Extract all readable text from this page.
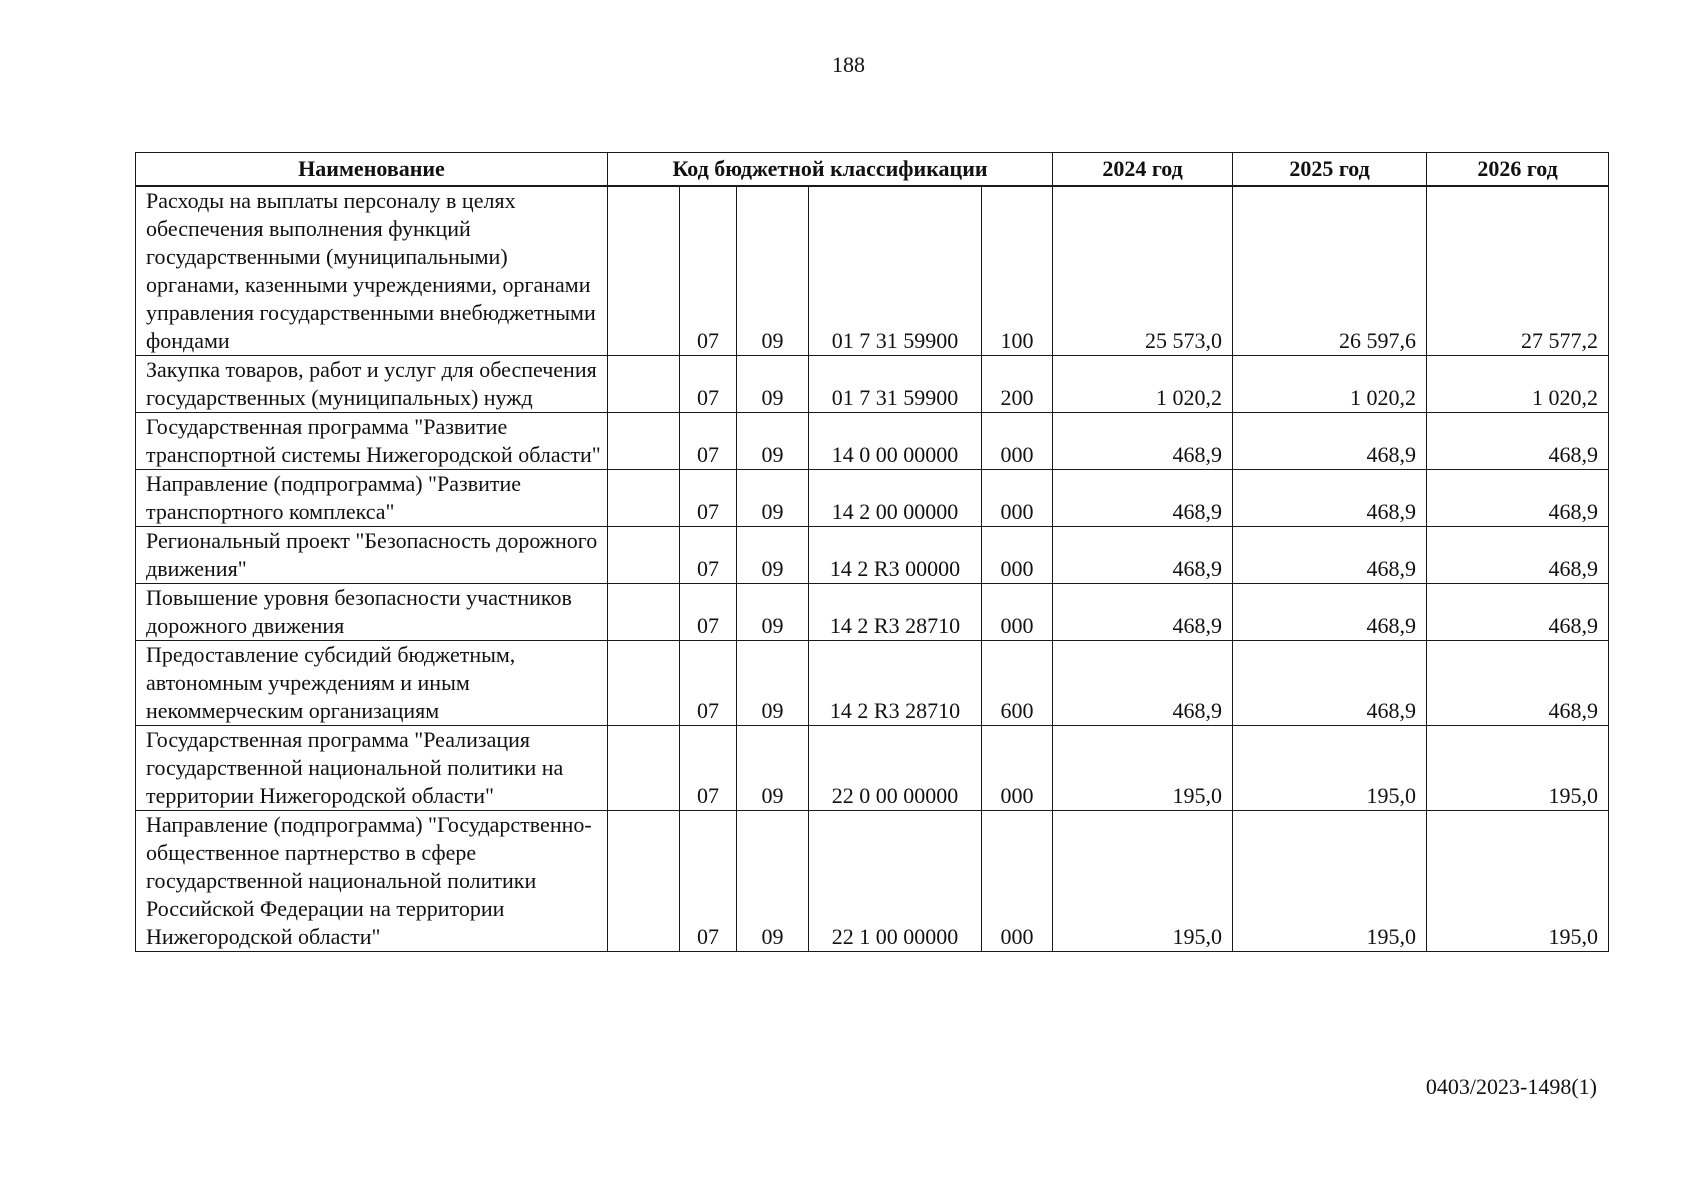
188
Наименование	Код бюджетной классификации					2024 год	2025 год	2026 год
Расходы на выплаты персоналу в целях обеспечения выполнения функций государственными (муниципальными) органами, казенными учреждениями, органами управления государственными внебюджетными фондами		07	09	01 7 31 59900	100	25 573,0	26 597,6	27 577,2
Закупка товаров, работ и услуг для обеспечения государственных (муниципальных) нужд		07	09	01 7 31 59900	200	1 020,2	1 020,2	1 020,2
Государственная программа "Развитие транспортной системы Нижегородской области"		07	09	14 0 00 00000	000	468,9	468,9	468,9
Направление (подпрограмма) "Развитие транспортного комплекса"		07	09	14 2 00 00000	000	468,9	468,9	468,9
Региональный проект "Безопасность дорожного движения"		07	09	14 2 R3 00000	000	468,9	468,9	468,9
Повышение уровня безопасности участников дорожного движения		07	09	14 2 R3 28710	000	468,9	468,9	468,9
Предоставление субсидий бюджетным, автономным учреждениям и иным некоммерческим организациям		07	09	14 2 R3 28710	600	468,9	468,9	468,9
Государственная программа "Реализация государственной национальной политики на территории Нижегородской области"		07	09	22 0 00 00000	000	195,0	195,0	195,0
Направление (подпрограмма) "Государственно-общественное партнерство в сфере государственной национальной политики Российской Федерации на территории Нижегородской области"		07	09	22 1 00 00000	000	195,0	195,0	195,0
0403/2023-1498(1)
